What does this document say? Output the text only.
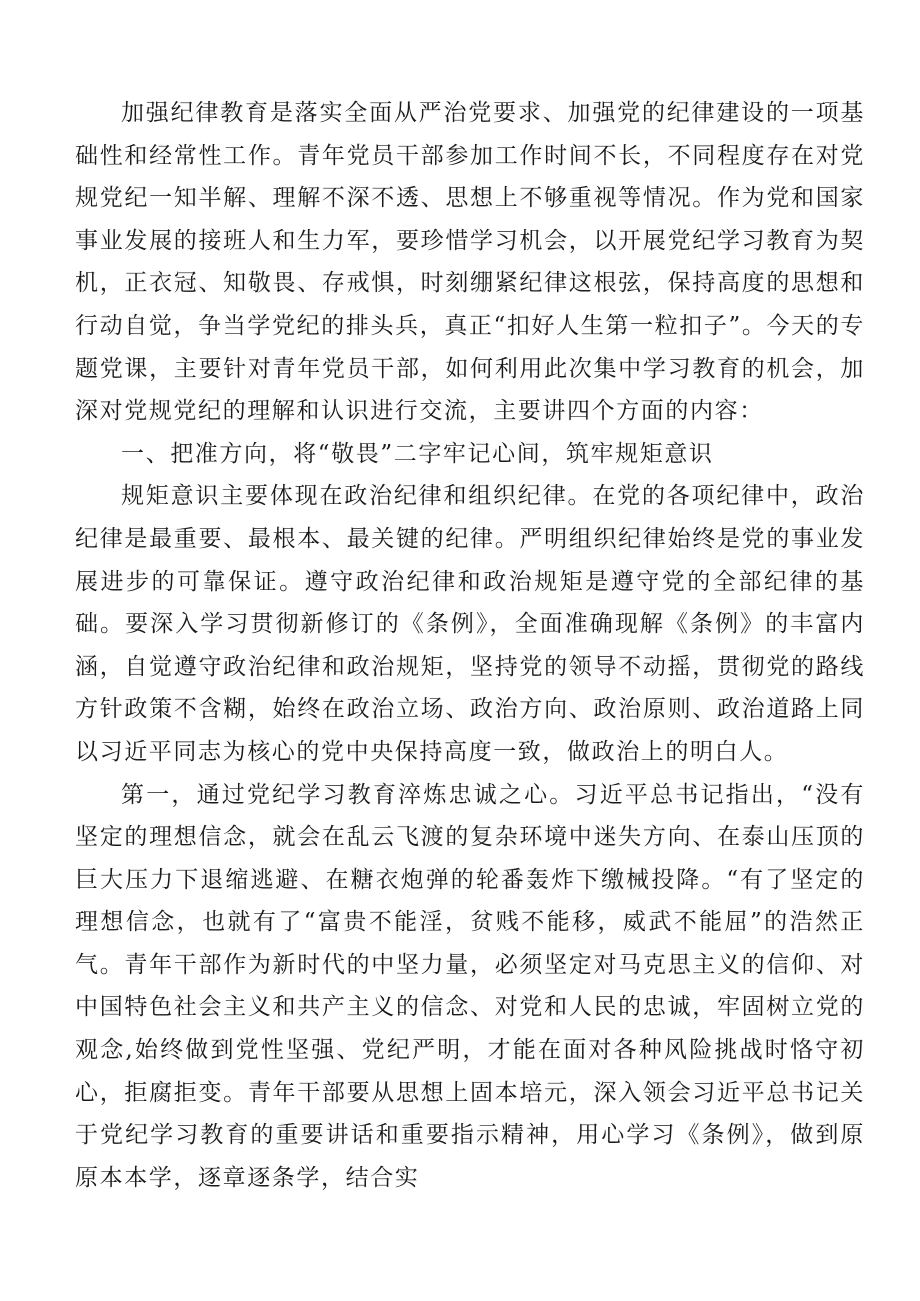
加强纪律教育是落实全面从严治党要求、加强党的纪律建设的一项基础性和经常性工作。青年党员干部参加工作时间不长，不同程度存在对党规党纪一知半解、理解不深不透、思想上不够重视等情况。作为党和国家事业发展的接班人和生力军，要珍惜学习机会，以开展党纪学习教育为契机，正衣冠、知敬畏、存戒惧，时刻绷紧纪律这根弦，保持高度的思想和行动自觉，争当学党纪的排头兵，真正“扣好人生第一粒扣子”。今天的专题党课，主要针对青年党员干部，如何利用此次集中学习教育的机会，加深对党规党纪的理解和认识进行交流，主要讲四个方面的内容：

一、把准方向，将“敬畏”二字牢记心间，筑牢规矩意识

规矩意识主要体现在政治纪律和组织纪律。在党的各项纪律中，政治纪律是最重要、最根本、最关键的纪律。严明组织纪律始终是党的事业发展进步的可靠保证。遵守政治纪律和政治规矩是遵守党的全部纪律的基础。要深入学习贯彻新修订的《条例》，全面准确现解《条例》的丰富内涵，自觉遵守政治纪律和政治规矩，坚持党的领导不动摇，贯彻党的路线方针政策不含糊，始终在政治立场、政治方向、政治原则、政治道路上同以习近平同志为核心的党中央保持高度一致，做政治上的明白人。

第一，通过党纪学习教育淬炼忠诚之心。习近平总书记指出，“没有坚定的理想信念，就会在乱云飞渡的复杂环境中迷失方向、在泰山压顶的巨大压力下退缩逃避、在糖衣炮弹的轮番轰炸下缴械投降。“有了坚定的理想信念，也就有了“富贵不能淫，贫贱不能移，威武不能屈”的浩然正气。青年干部作为新时代的中坚力量，必须坚定对马克思主义的信仰、对中国特色社会主义和共产主义的信念、对党和人民的忠诚，牢固树立党的观念,始终做到党性坚强、党纪严明，才能在面对各种风险挑战时恪守初心，拒腐拒变。青年干部要从思想上固本培元，深入领会习近平总书记关于党纪学习教育的重要讲话和重要指示精神，用心学习《条例》，做到原原本本学，逐章逐条学，结合实
